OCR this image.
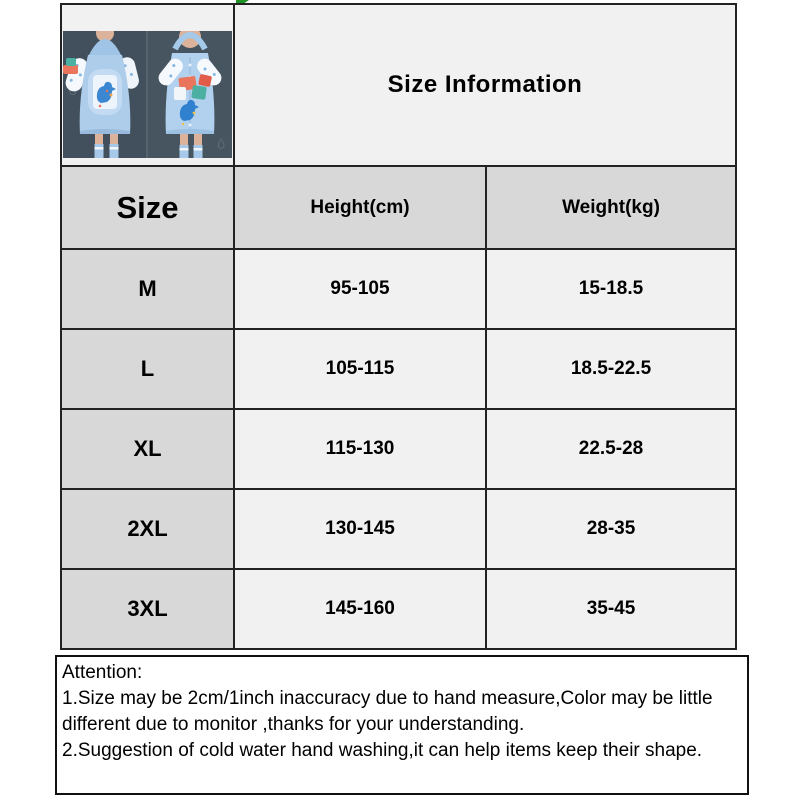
	Size Information	
Size	Height(cm)	Weight(kg)
M	95-105	15-18.5
L	105-115	18.5-22.5
XL	115-130	22.5-28
2XL	130-145	28-35
3XL	145-160	35-45
Attention:
1.Size may be 2cm/1inch inaccuracy due to hand measure,Color may be little
different due to monitor ,thanks for your understanding.
2.Suggestion of cold water hand washing,it can help items keep their shape.
